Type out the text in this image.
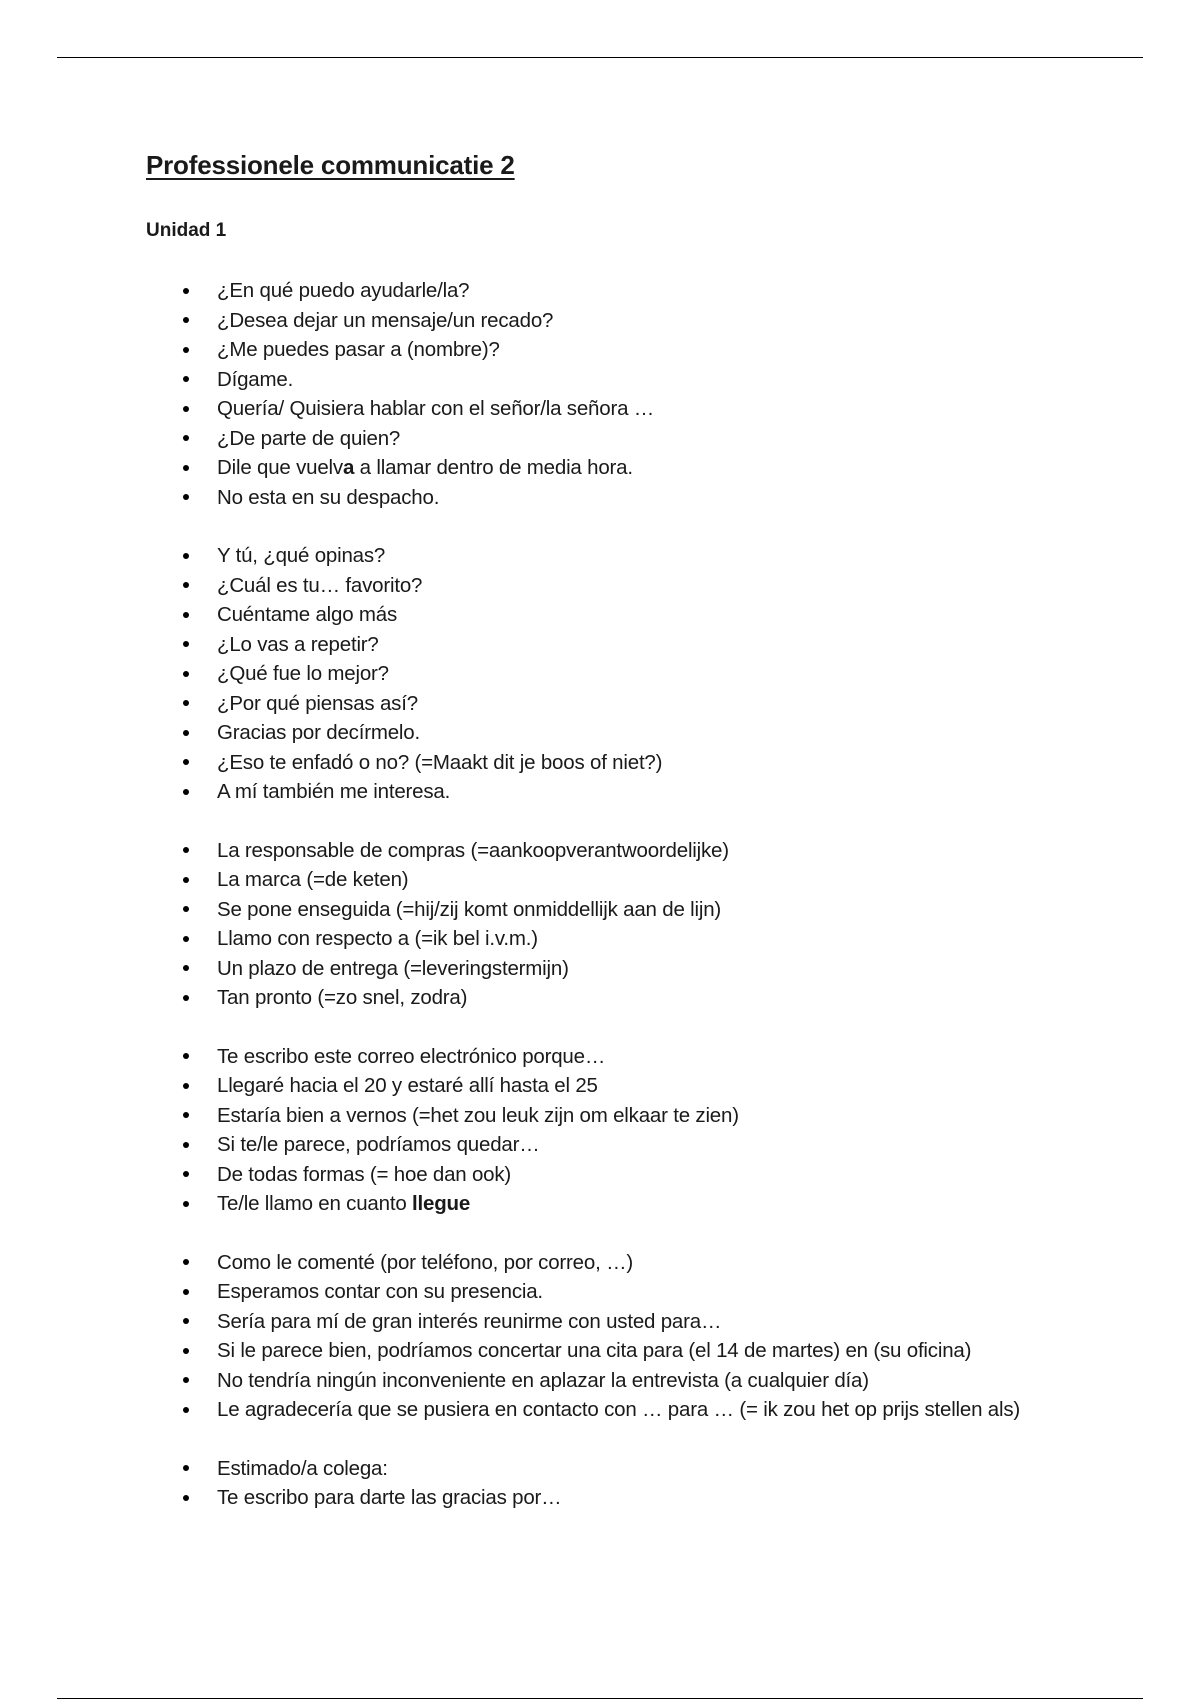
Professionele communicatie 2
Unidad 1
¿En qué puedo ayudarle/la?
¿Desea dejar un mensaje/un recado?
¿Me puedes pasar a (nombre)?
Dígame.
Quería/ Quisiera hablar con el señor/la señora …
¿De parte de quien?
Dile que vuelva a llamar dentro de media hora.
No esta en su despacho.
Y tú, ¿qué opinas?
¿Cuál es tu… favorito?
Cuéntame algo más
¿Lo vas a repetir?
¿Qué fue lo mejor?
¿Por qué piensas así?
Gracias por decírmelo.
¿Eso te enfadó o no? (=Maakt dit je boos of niet?)
A mí también me interesa.
La responsable de compras (=aankoopverantwoordelijke)
La marca (=de keten)
Se pone enseguida (=hij/zij komt onmiddellijk aan de lijn)
Llamo con respecto a (=ik bel i.v.m.)
Un plazo de entrega (=leveringstermijn)
Tan pronto (=zo snel, zodra)
Te escribo este correo electrónico porque…
Llegaré hacia el 20 y estaré allí hasta el 25
Estaría bien a vernos (=het zou leuk zijn om elkaar te zien)
Si te/le parece, podríamos quedar…
De todas formas (= hoe dan ook)
Te/le llamo en cuanto llegue
Como le comenté (por teléfono, por correo, …)
Esperamos contar con su presencia.
Sería para mí de gran interés reunirme con usted para…
Si le parece bien, podríamos concertar una cita para (el 14 de martes) en (su oficina)
No tendría ningún inconveniente en aplazar la entrevista (a cualquier día)
Le agradecería que se pusiera en contacto con … para … (= ik zou het op prijs stellen als)
Estimado/a colega:
Te escribo para darte las gracias por…
